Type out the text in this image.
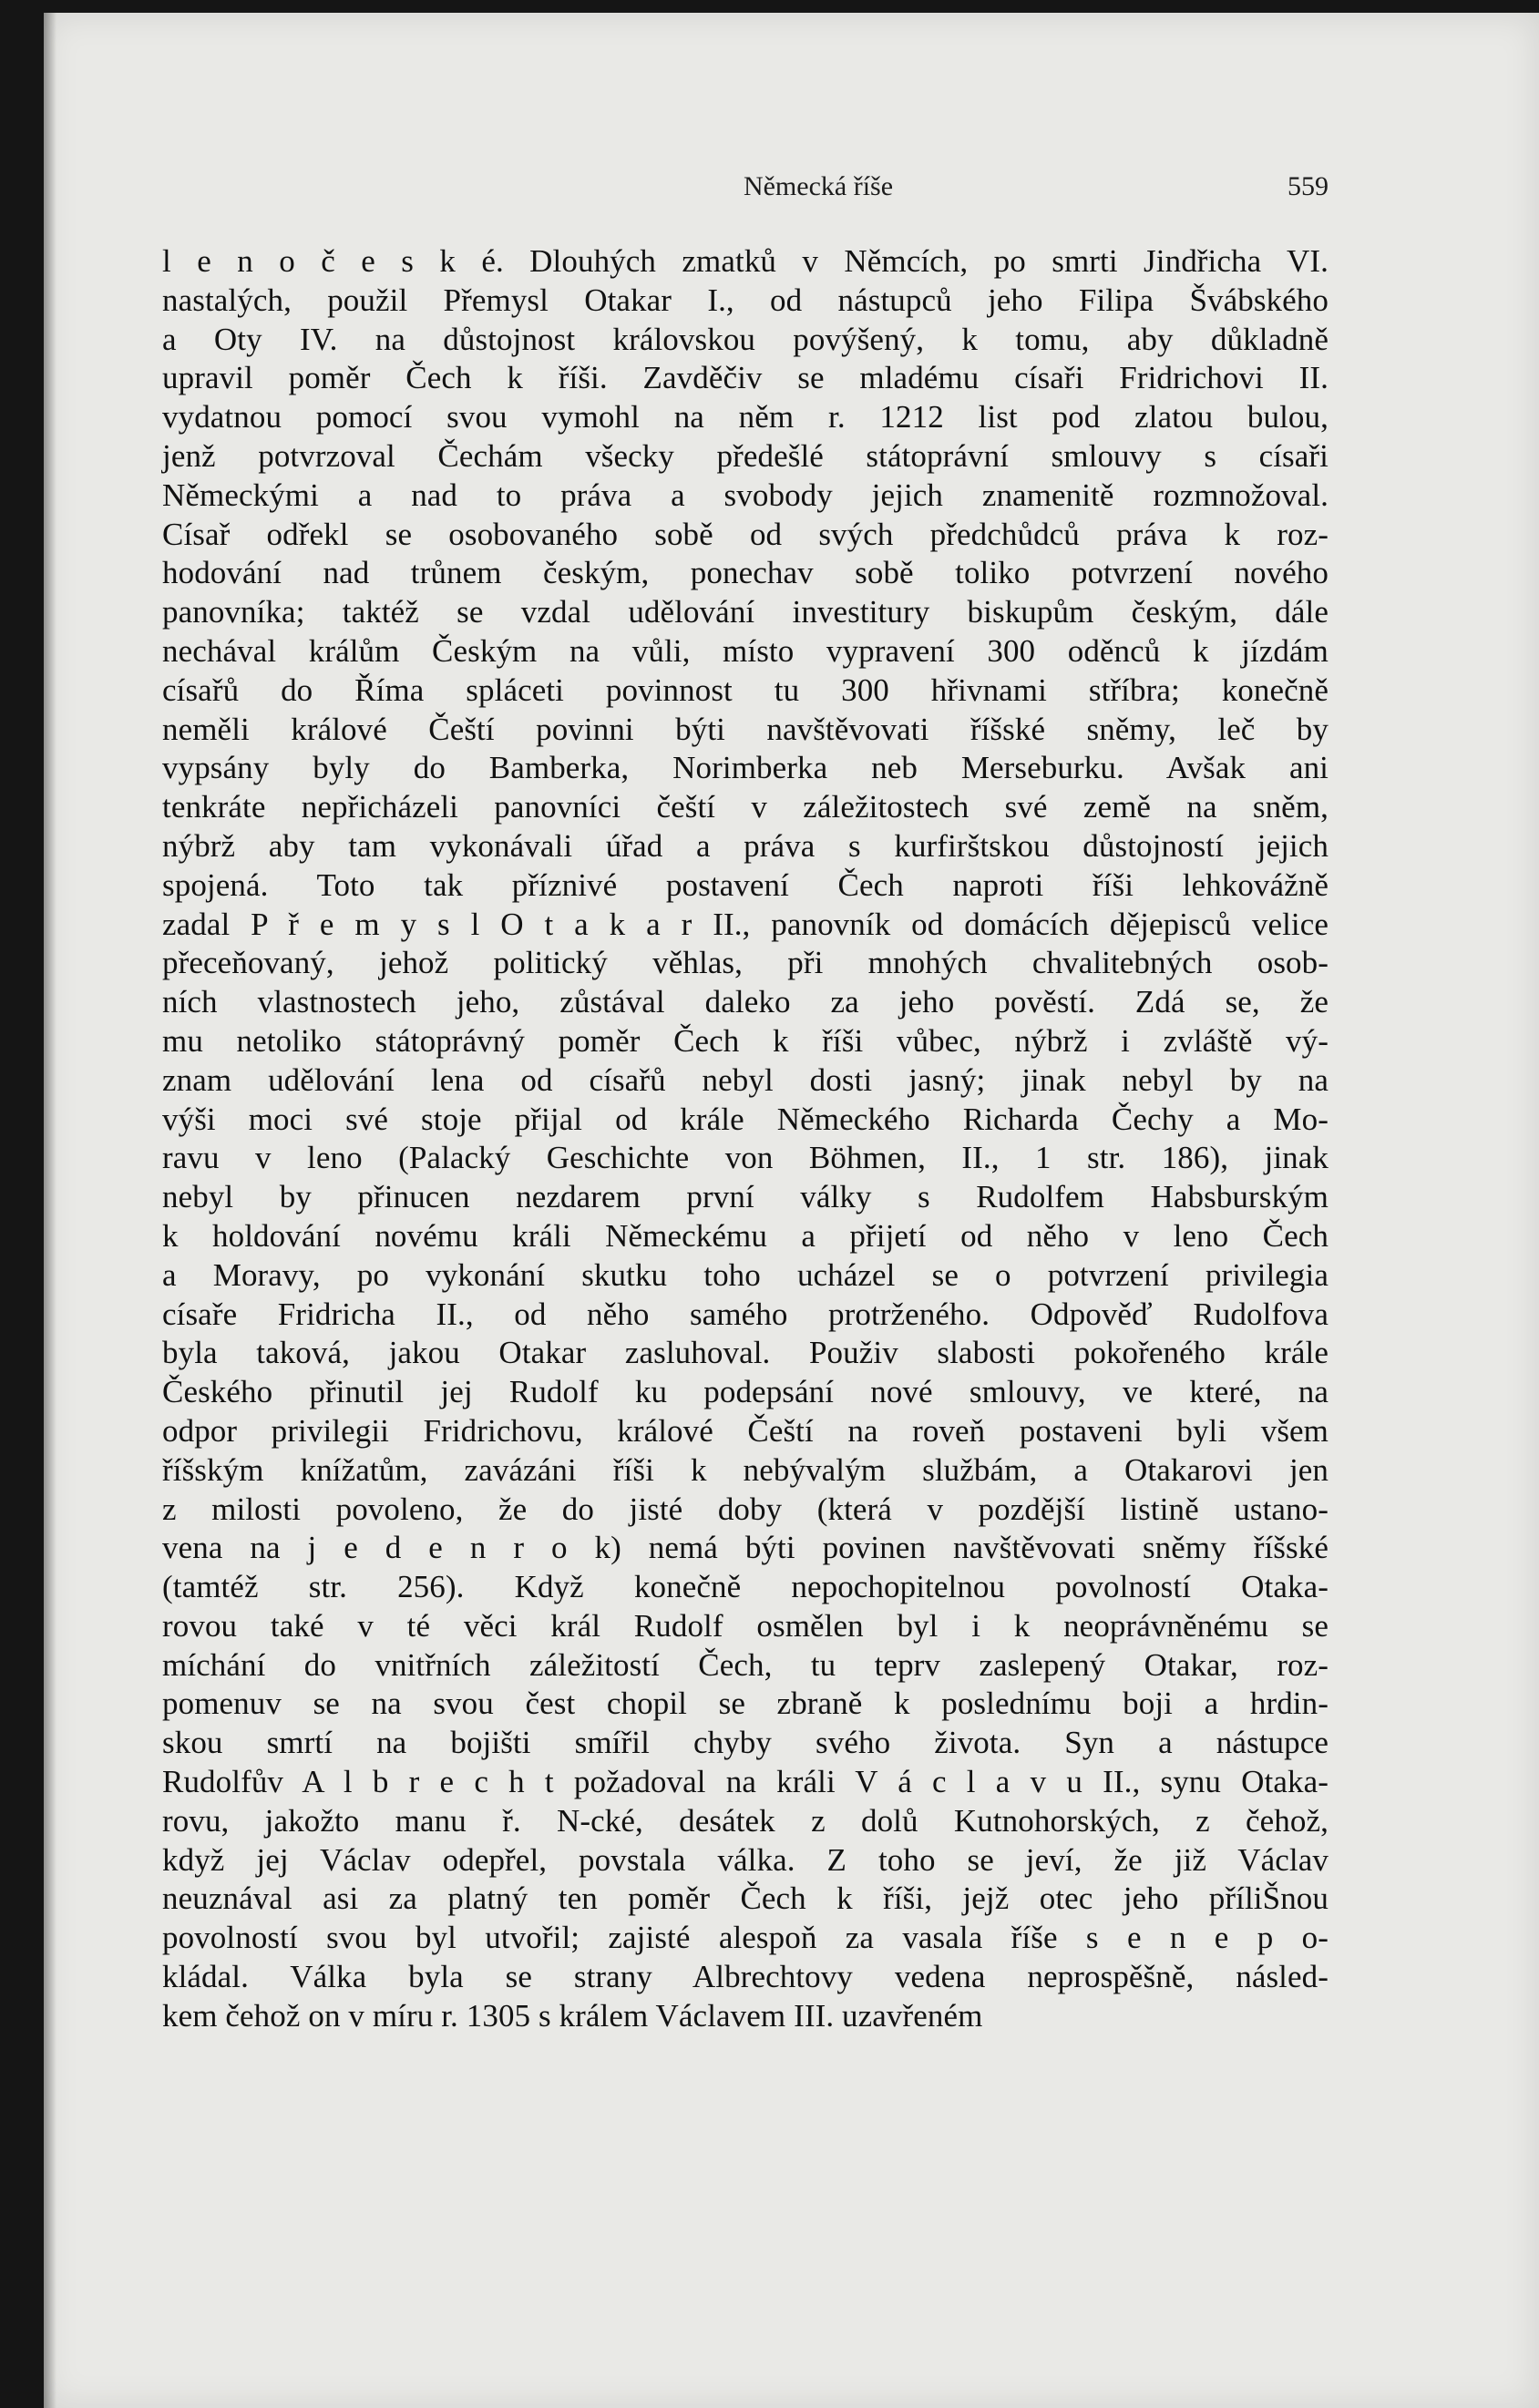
Německá říše	559
l e n o č e s k é. Dlouhých zmatků v Němcích, po smrti Jindřicha VI.
nastalých, použil Přemysl Otakar I., od nástupců jeho Filipa Švábského
a Oty IV. na důstojnost královskou povýšený, k tomu, aby důkladně
upravil poměr Čech k říši. Zavděčiv se mladému císaři Fridrichovi II.
vydatnou pomocí svou vymohl na něm r. 1212 list pod zlatou bulou,
jenž potvrzoval Čechám všecky předešlé státoprávní smlouvy s císaři
Německými a nad to práva a svobody jejich znamenitě rozmnožoval.
Císař odřekl se osobovaného sobě od svých předchůdců práva k roz-
hodování nad trůnem českým, ponechav sobě toliko potvrzení nového
panovníka; taktéž se vzdal udělování investitury biskupům českým, dále
nechával králům Českým na vůli, místo vypravení 300 oděnců k jízdám
císařů do Říma spláceti povinnost tu 300 hřivnami stříbra; konečně
neměli králové Čeští povinni býti navštěvovati říšské sněmy, leč by
vypsány byly do Bamberka, Norimberka neb Merseburku. Avšak ani
tenkráte nepřicházeli panovníci čeští v záležitostech své země na sněm,
nýbrž aby tam vykonávali úřad a práva s kurfirštskou důstojností jejich
spojená. Toto tak příznivé postavení Čech naproti říši lehkovážně
zadal P ř e m y s l O t a k a r II., panovník od domácích dějepisců velice
přeceňovaný, jehož politický věhlas, při mnohých chvalitebných osob-
ních vlastnostech jeho, zůstával daleko za jeho pověstí. Zdá se, že
mu netoliko státoprávný poměr Čech k říši vůbec, nýbrž i zvláště vý-
znam udělování lena od císařů nebyl dosti jasný; jinak nebyl by na
výši moci své stoje přijal od krále Německého Richarda Čechy a Mo-
ravu v leno (Palacký Geschichte von Böhmen, II., 1 str. 186), jinak
nebyl by přinucen nezdarem první války s Rudolfem Habsburským
k holdování novému králi Německému a přijetí od něho v leno Čech
a Moravy, po vykonání skutku toho ucházel se o potvrzení privilegia
císaře Fridricha II., od něho samého protrženého. Odpověď Rudolfova
byla taková, jakou Otakar zasluhoval. Použiv slabosti pokořeného krále
Českého přinutil jej Rudolf ku podepsání nové smlouvy, ve které, na
odpor privilegii Fridrichovu, králové Čeští na roveň postaveni byli všem
říšským knížatům, zavázáni říši k nebývalým službám, a Otakarovi jen
z milosti povoleno, že do jisté doby (která v pozdější listině ustano-
vena na j e d e n r o k) nemá býti povinen navštěvovati sněmy říšské
(tamtéž str. 256). Když konečně nepochopitelnou povolností Otaka-
rovou také v té věci král Rudolf osmělen byl i k neoprávněnému se
míchání do vnitřních záležitostí Čech, tu teprv zaslepený Otakar, roz-
pomenuv se na svou čest chopil se zbraně k poslednímu boji a hrdin-
skou smrtí na bojišti smířil chyby svého života. Syn a nástupce
Rudolfův A l b r e c h t požadoval na králi V á c l a v u II., synu Otaka-
rovu, jakožto manu ř. N-cké, desátek z dolů Kutnohorských, z čehož,
když jej Václav odepřel, povstala válka. Z toho se jeví, že již Václav
neuznával asi za platný ten poměr Čech k říši, jejž otec jeho příliŠnou
povolností svou byl utvořil; zajisté alespoň za vasala říše s e n e p o-
kládal. Válka byla se strany Albrechtovy vedena neprospěšně, násled-
kem čehož on v míru r. 1305 s králem Václavem III. uzavřeném
